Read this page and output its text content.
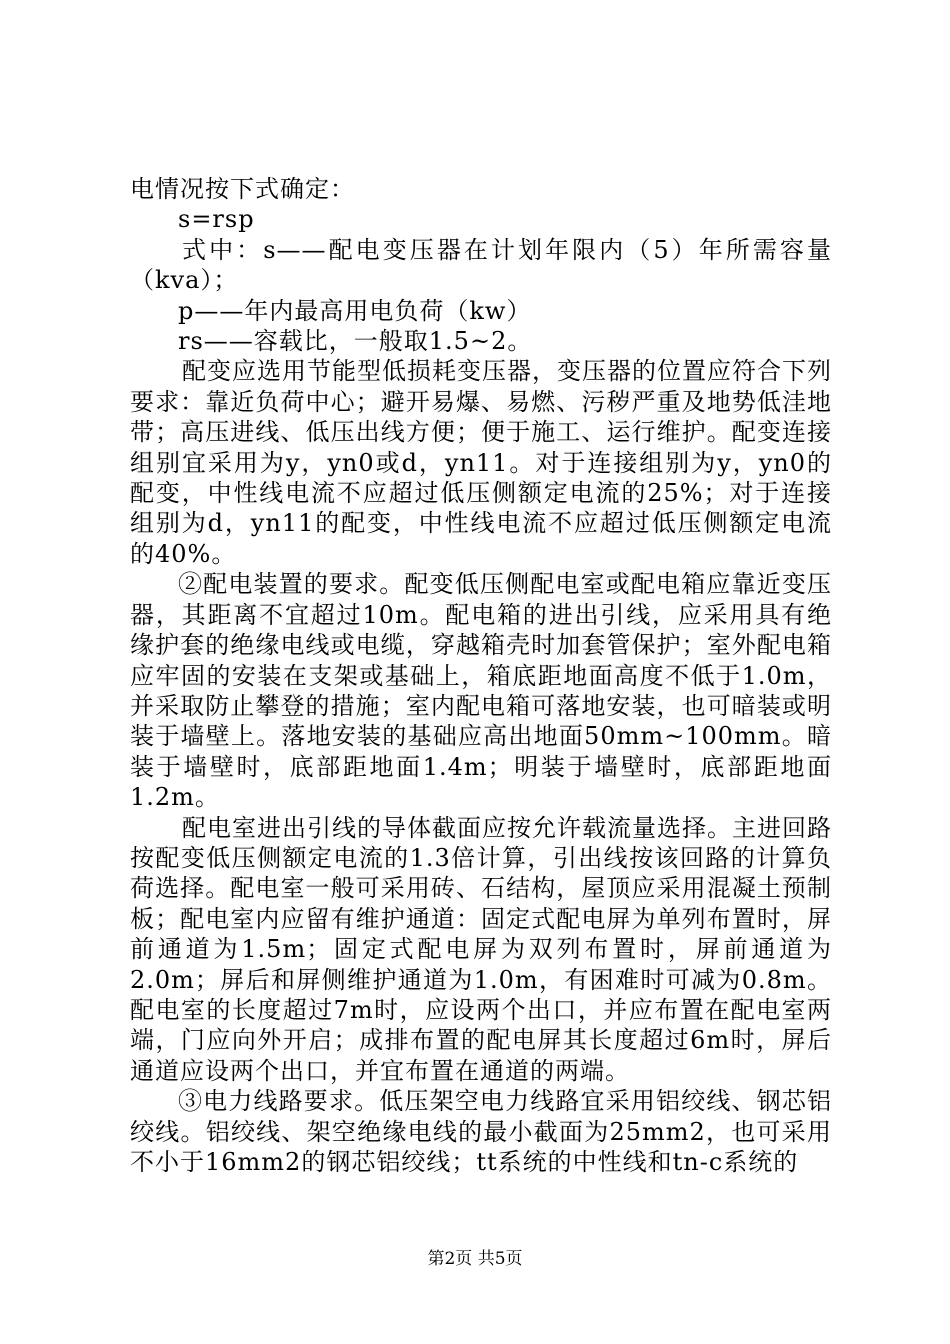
电情况按下式确定：

s=rsp

式中：s——配电变压器在计划年限内（5）年所需容量（kva）；

p——年内最高用电负荷（kw）

rs——容载比，一般取1.5~2。

配变应选用节能型低损耗变压器，变压器的位置应符合下列要求：靠近负荷中心；避开易爆、易燃、污秽严重及地势低洼地带；高压进线、低压出线方便；便于施工、运行维护。配变连接组别宜采用为y，yn0或d，yn11。对于连接组别为y，yn0的配变，中性线电流不应超过低压侧额定电流的25%；对于连接组别为d，yn11的配变，中性线电流不应超过低压侧额定电流的40%。

②配电装置的要求。配变低压侧配电室或配电箱应靠近变压器，其距离不宜超过10m。配电箱的进出引线，应采用具有绝缘护套的绝缘电线或电缆，穿越箱壳时加套管保护；室外配电箱应牢固的安装在支架或基础上，箱底距地面高度不低于1.0m，并采取防止攀登的措施；室内配电箱可落地安装，也可暗装或明装于墙壁上。落地安装的基础应高出地面50mm~100mm。暗装于墙壁时，底部距地面1.4m；明装于墙壁时，底部距地面1.2m。

配电室进出引线的导体截面应按允许载流量选择。主进回路按配变低压侧额定电流的1.3倍计算，引出线按该回路的计算负荷选择。配电室一般可采用砖、石结构，屋顶应采用混凝土预制板；配电室内应留有维护通道：固定式配电屏为单列布置时，屏前通道为1.5m；固定式配电屏为双列布置时，屏前通道为2.0m；屏后和屏侧维护通道为1.0m，有困难时可减为0.8m。配电室的长度超过7m时，应设两个出口，并应布置在配电室两端，门应向外开启；成排布置的配电屏其长度超过6m时，屏后通道应设两个出口，并宜布置在通道的两端。

③电力线路要求。低压架空电力线路宜采用铝绞线、钢芯铝绞线。铝绞线、架空绝缘电线的最小截面为25mm2，也可采用不小于16mm2的钢芯铝绞线；tt系统的中性线和tn-c系统的

第2页 共5页
